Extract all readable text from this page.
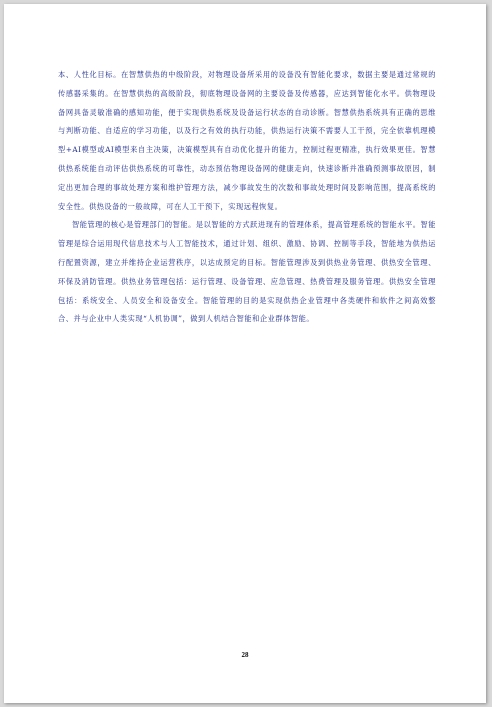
本、人性化目标。在智慧供热的中级阶段，对物理设备所采用的设备没有智能化要求，数据主要是通过常规的传感器采集的。在智慧供热的高级阶段，彻底物理设备网的主要设备及传感器，应达到智能化水平。供物理设备网具备灵敏准确的感知功能，便于实现供热系统及设备运行状态的自动诊断。智慧供热系统具有正确的思维与判断功能、自适应的学习功能，以及行之有效的执行功能，供热运行决策不需要人工干预，完全依靠机理模型+AI模型或AI模型来自主决策，决策模型具有自动优化提升的能力，控制过程更精准，执行效果更佳。智慧供热系统能自动评估供热系统的可靠性，动态预估物理设备网的健康走向，快速诊断并准确预测事故原因，制定出更加合理的事故处理方案和维护管理方法，减少事故发生的次数和事故处理时间及影响范围，提高系统的安全性。供热设备的一般故障，可在人工干预下，实现远程恢复。

智能管理的核心是管理部门的智能。是以智能的方式跃进现有的管理体系，提高管理系统的智能水平。智能管理是综合运用现代信息技术与人工智能技术，通过计划、组织、激励、协调、控制等手段，智能地为供热运行配置资源，建立并维持企业运营秩序，以达成预定的目标。智能管理涉及到供热业务管理、供热安全管理、环保及消防管理。供热业务管理包括：运行管理、设备管理、应急管理、热费管理及服务管理。供热安全管理包括：系统安全、人员安全和设备安全。智能管理的目的是实现供热企业管理中各类硬件和软件之间高效整合、并与企业中人类实现“人机协调”，做到人机结合智能和企业群体智能。

28
